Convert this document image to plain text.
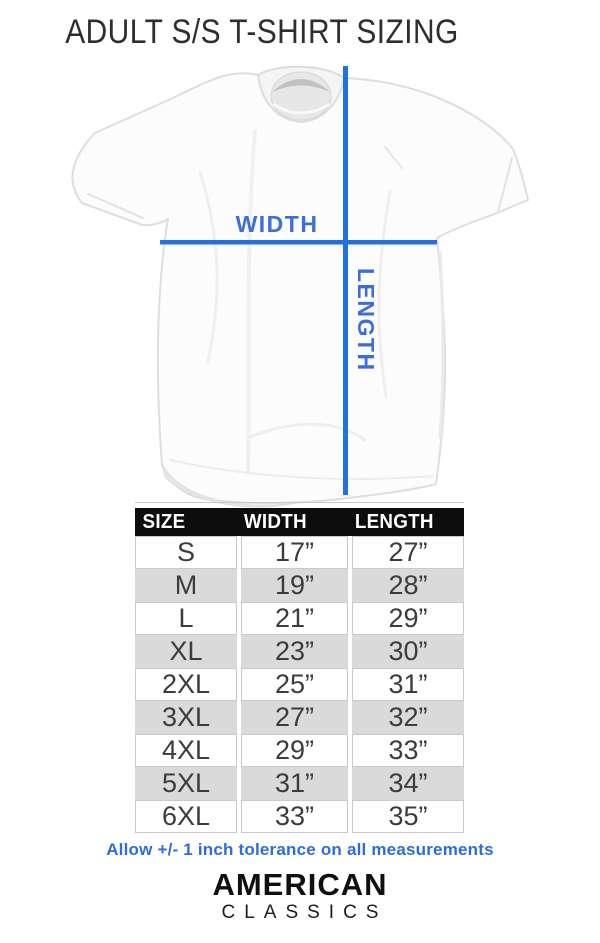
ADULT S/S T-SHIRT SIZING
WIDTH
LENGTH
SIZE	WIDTH	LENGTH
S	17”	27”
M	19”	28”
L	21”	29”
XL	23”	30”
2XL	25”	31”
3XL	27”	32”
4XL	29”	33”
5XL	31”	34”
6XL	33”	35”
Allow +/- 1 inch tolerance on all measurements
AMERICAN
CLASSICS
